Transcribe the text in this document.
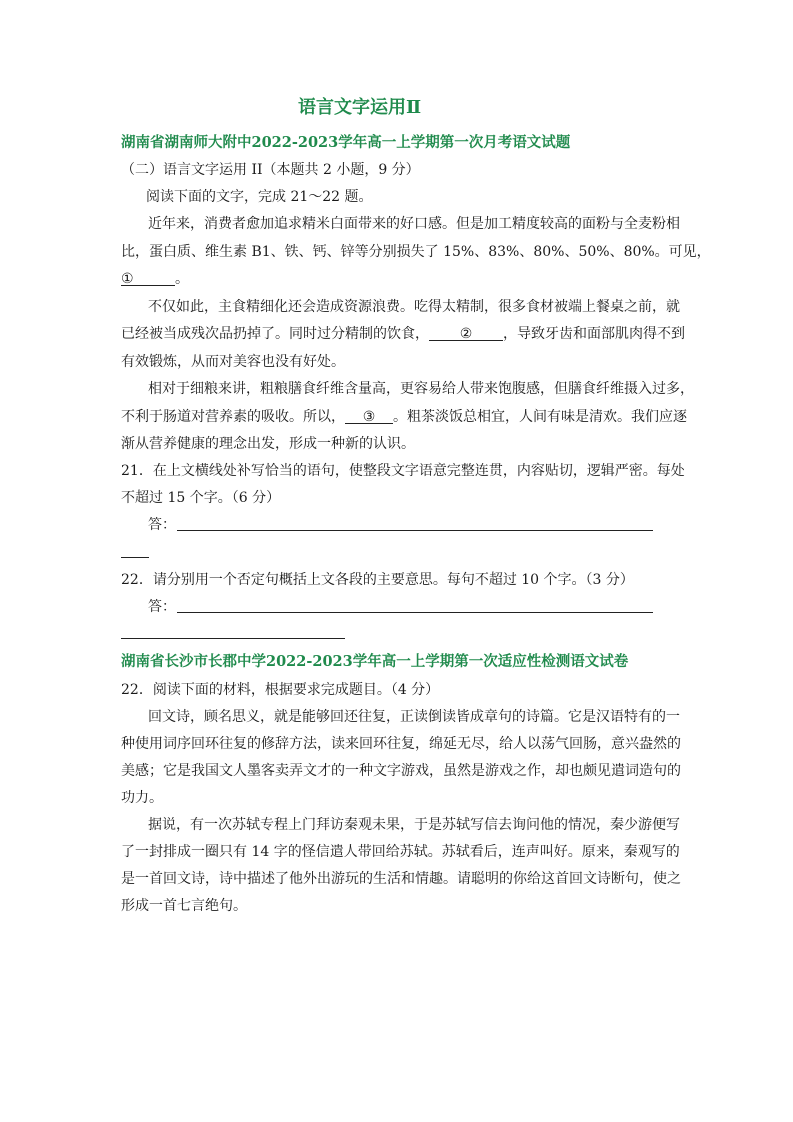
语言文字运用Ⅱ
湖南省湖南师大附中2022-2023学年高一上学期第一次月考语文试题
（二）语言文字运用 II（本题共 2 小题，9 分）
阅读下面的文字，完成 21～22 题。
近年来，消费者愈加追求精米白面带来的好口感。但是加工精度较高的面粉与全麦粉相
比，蛋白质、维生素 B1、铁、钙、锌等分别损失了 15%、83%、80%、50%、80%。可见，
①	。
不仅如此，主食精细化还会造成资源浪费。吃得太精制，很多食材被端上餐桌之前，就
已经被当成残次品扔掉了。同时过分精制的饮食， ② ，导致牙齿和面部肌肉得不到
有效锻炼，从而对美容也没有好处。
相对于细粮来讲，粗粮膳食纤维含量高，更容易给人带来饱腹感，但膳食纤维摄入过多，
不利于肠道对营养素的吸收。所以， ③ 。粗茶淡饭总相宜，人间有味是清欢。我们应逐
渐从营养健康的理念出发，形成一种新的认识。
21．在上文横线处补写恰当的语句，使整段文字语意完整连贯，内容贴切，逻辑严密。每处
不超过 15 个字。（6 分）
答：
22．请分别用一个否定句概括上文各段的主要意思。每句不超过 10 个字。（3 分）
答：
湖南省长沙市长郡中学2022-2023学年高一上学期第一次适应性检测语文试卷
22．阅读下面的材料，根据要求完成题目。（4 分）
回文诗，顾名思义，就是能够回还往复，正读倒读皆成章句的诗篇。它是汉语特有的一
种使用词序回环往复的修辞方法，读来回环往复，绵延无尽，给人以荡气回肠，意兴盎然的
美感；它是我国文人墨客卖弄文才的一种文字游戏，虽然是游戏之作，却也颇见遣词造句的
功力。
据说，有一次苏轼专程上门拜访秦观未果，于是苏轼写信去询问他的情况，秦少游便写
了一封排成一圈只有 14 字的怪信遣人带回给苏轼。苏轼看后，连声叫好。原来，秦观写的
是一首回文诗，诗中描述了他外出游玩的生活和情趣。请聪明的你给这首回文诗断句，使之
形成一首七言绝句。
